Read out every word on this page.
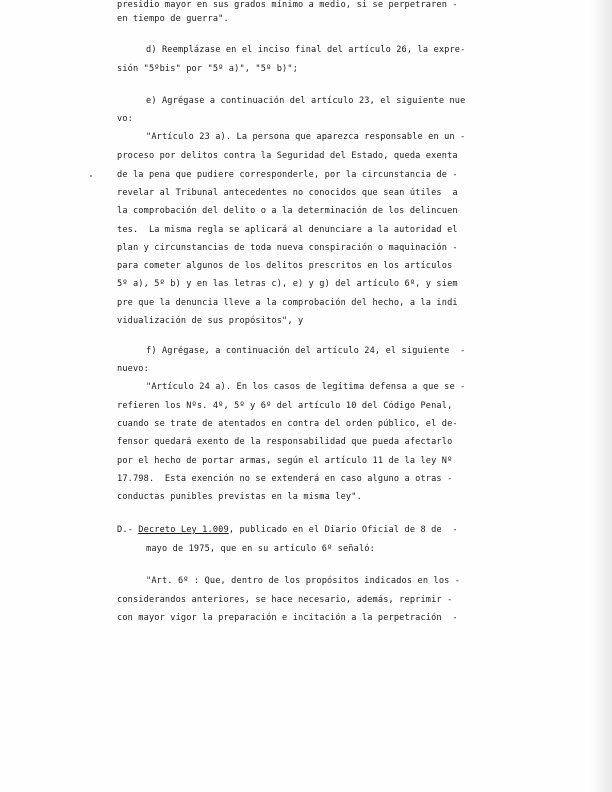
presidio mayor en sus grados mínimo a medio, si se perpetraren -
en tiempo de guerra".
d) Reemplázase en el inciso final del artículo 26, la expre-
sión "5ºbis" por "5º a)", "5º b)";
e) Agrégase a continuación del artículo 23, el siguiente nue
vo:
"Artículo 23 a). La persona que aparezca responsable en un -
proceso por delitos contra la Seguridad del Estado, queda exenta
de la pena que pudiere corresponderle, por la circunstancia de -
revelar al Tribunal antecedentes no conocidos que sean útiles  a
la comprobación del delito o a la determinación de los delincuen
tes.  La misma regla se aplicará al denunciare a la autoridad el
plan y circunstancias de toda nueva conspiración o maquinación -
para cometer algunos de los delitos prescritos en los artículos
5º a), 5º b) y en las letras c), e) y g) del artículo 6º, y siem
pre que la denuncia lleve a la comprobación del hecho, a la indi
vidualización de sus propósitos", y
f) Agrégase, a continuación del artículo 24, el siguiente  -
nuevo:
"Artículo 24 a). En los casos de legítima defensa a que se -
refieren los Nºs. 4º, 5º y 6º del artículo 10 del Código Penal,
cuando se trate de atentados en contra del orden público, el de-
fensor quedará exento de la responsabilidad que pueda afectarlo
por el hecho de portar armas, según el artículo 11 de la ley Nº
17.798.  Esta exención no se extenderá en caso alguno a otras -
conductas punibles previstas en la misma ley".
D.- Decreto Ley 1.009, publicado en el Diario Oficial de 8 de  -
mayo de 1975, que en su artículo 6º señaló:
"Art. 6º : Que, dentro de los propósitos indicados en los -
considerandos anteriores, se hace necesario, además, reprimir -
con mayor vigor la preparación e incitación a la perpetración  -
